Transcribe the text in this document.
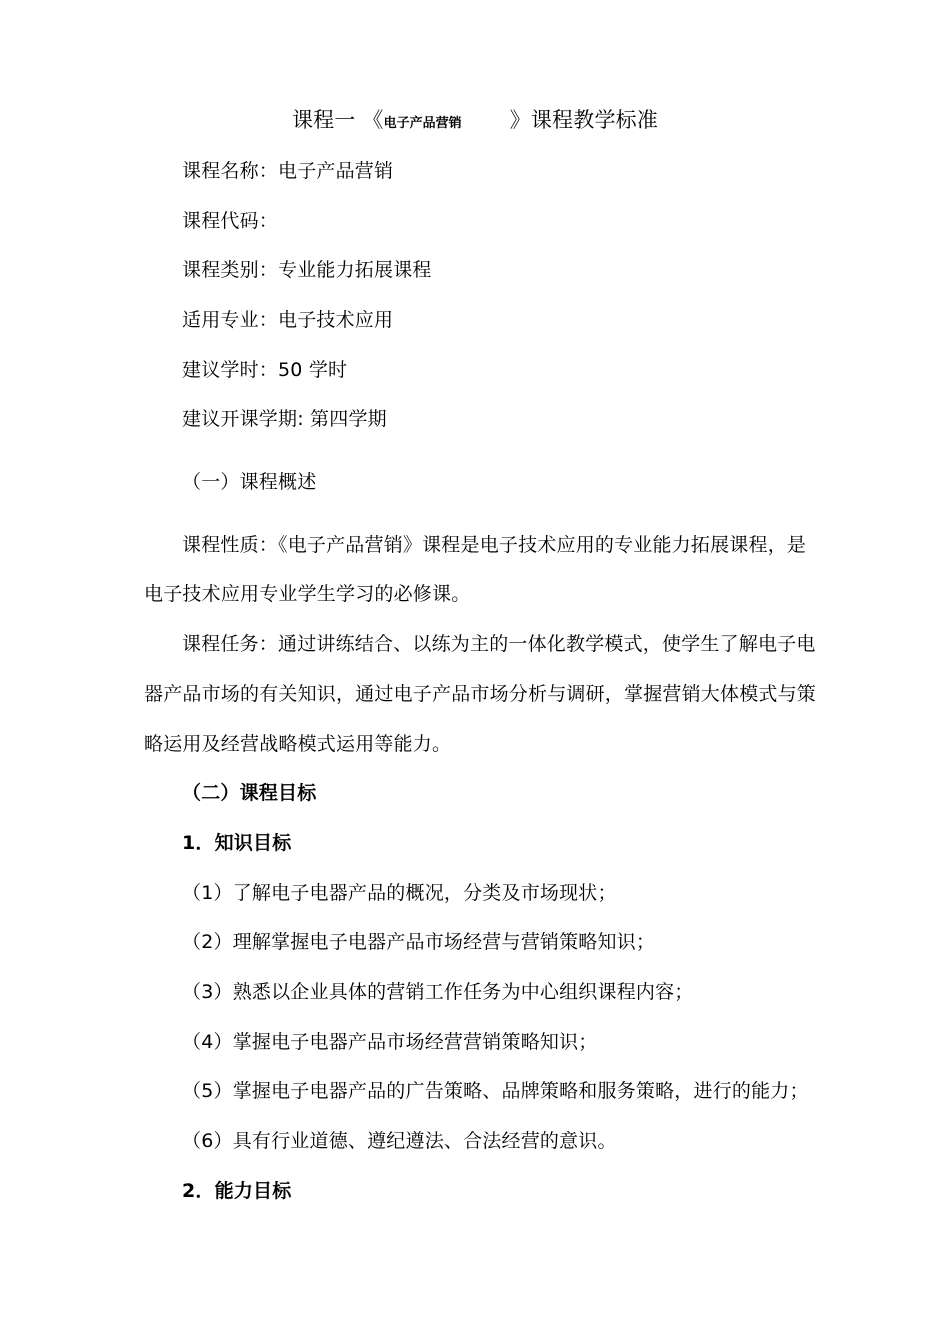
课程一 《电子产品营销 》课程教学标准
课程名称：电子产品营销
课程代码：
课程类别：专业能力拓展课程
适用专业：电子技术应用
建议学时：50 学时
建议开课学期: 第四学期
（一）课程概述
课程性质：《电子产品营销》课程是电子技术应用的专业能力拓展课程，是
电子技术应用专业学生学习的必修课。
课程任务：通过讲练结合、以练为主的一体化教学模式，使学生了解电子电
器产品市场的有关知识，通过电子产品市场分析与调研，掌握营销大体模式与策
略运用及经营战略模式运用等能力。
（二）课程目标
1．知识目标
（1）了解电子电器产品的概况，分类及市场现状；
（2）理解掌握电子电器产品市场经营与营销策略知识；
（3）熟悉以企业具体的营销工作任务为中心组织课程内容；
（4）掌握电子电器产品市场经营营销策略知识；
（5）掌握电子电器产品的广告策略、品牌策略和服务策略，进行的能力；
（6）具有行业道德、遵纪遵法、合法经营的意识。
2．能力目标
